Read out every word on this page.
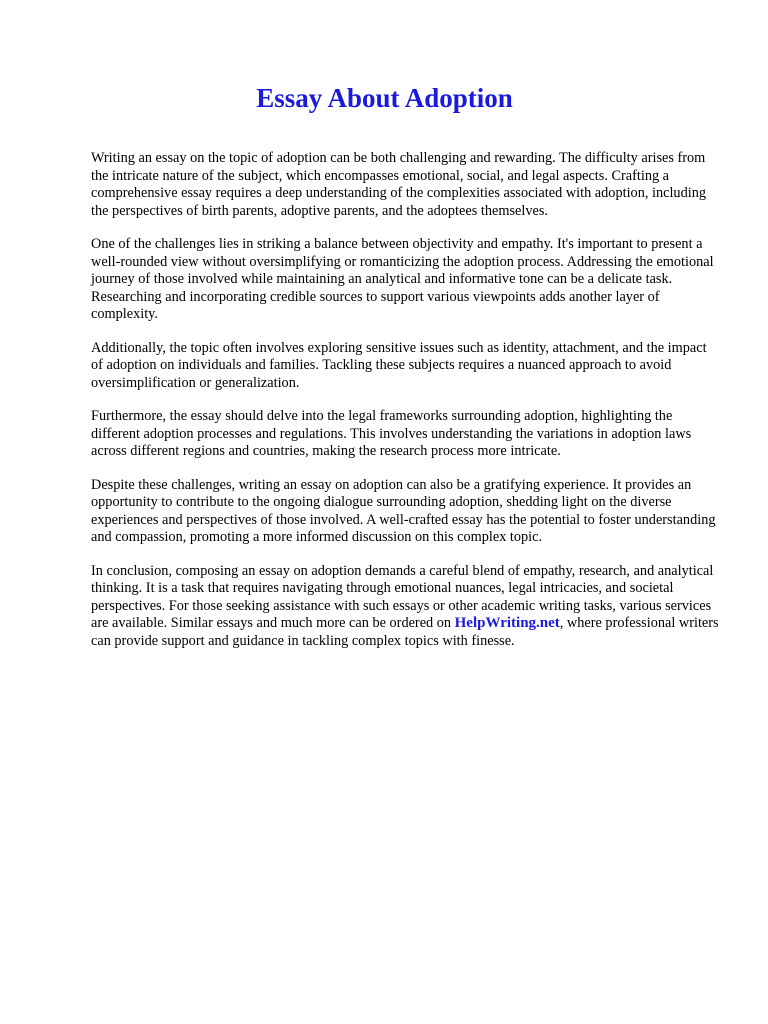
Essay About Adoption

Writing an essay on the topic of adoption can be both challenging and rewarding. The difficulty arises from the intricate nature of the subject, which encompasses emotional, social, and legal aspects. Crafting a comprehensive essay requires a deep understanding of the complexities associated with adoption, including the perspectives of birth parents, adoptive parents, and the adoptees themselves.

One of the challenges lies in striking a balance between objectivity and empathy. It's important to present a well-rounded view without oversimplifying or romanticizing the adoption process. Addressing the emotional journey of those involved while maintaining an analytical and informative tone can be a delicate task. Researching and incorporating credible sources to support various viewpoints adds another layer of complexity.

Additionally, the topic often involves exploring sensitive issues such as identity, attachment, and the impact of adoption on individuals and families. Tackling these subjects requires a nuanced approach to avoid oversimplification or generalization.

Furthermore, the essay should delve into the legal frameworks surrounding adoption, highlighting the different adoption processes and regulations. This involves understanding the variations in adoption laws across different regions and countries, making the research process more intricate.

Despite these challenges, writing an essay on adoption can also be a gratifying experience. It provides an opportunity to contribute to the ongoing dialogue surrounding adoption, shedding light on the diverse experiences and perspectives of those involved. A well-crafted essay has the potential to foster understanding and compassion, promoting a more informed discussion on this complex topic.

In conclusion, composing an essay on adoption demands a careful blend of empathy, research, and analytical thinking. It is a task that requires navigating through emotional nuances, legal intricacies, and societal perspectives. For those seeking assistance with such essays or other academic writing tasks, various services are available. Similar essays and much more can be ordered on HelpWriting.net, where professional writers can provide support and guidance in tackling complex topics with finesse.
